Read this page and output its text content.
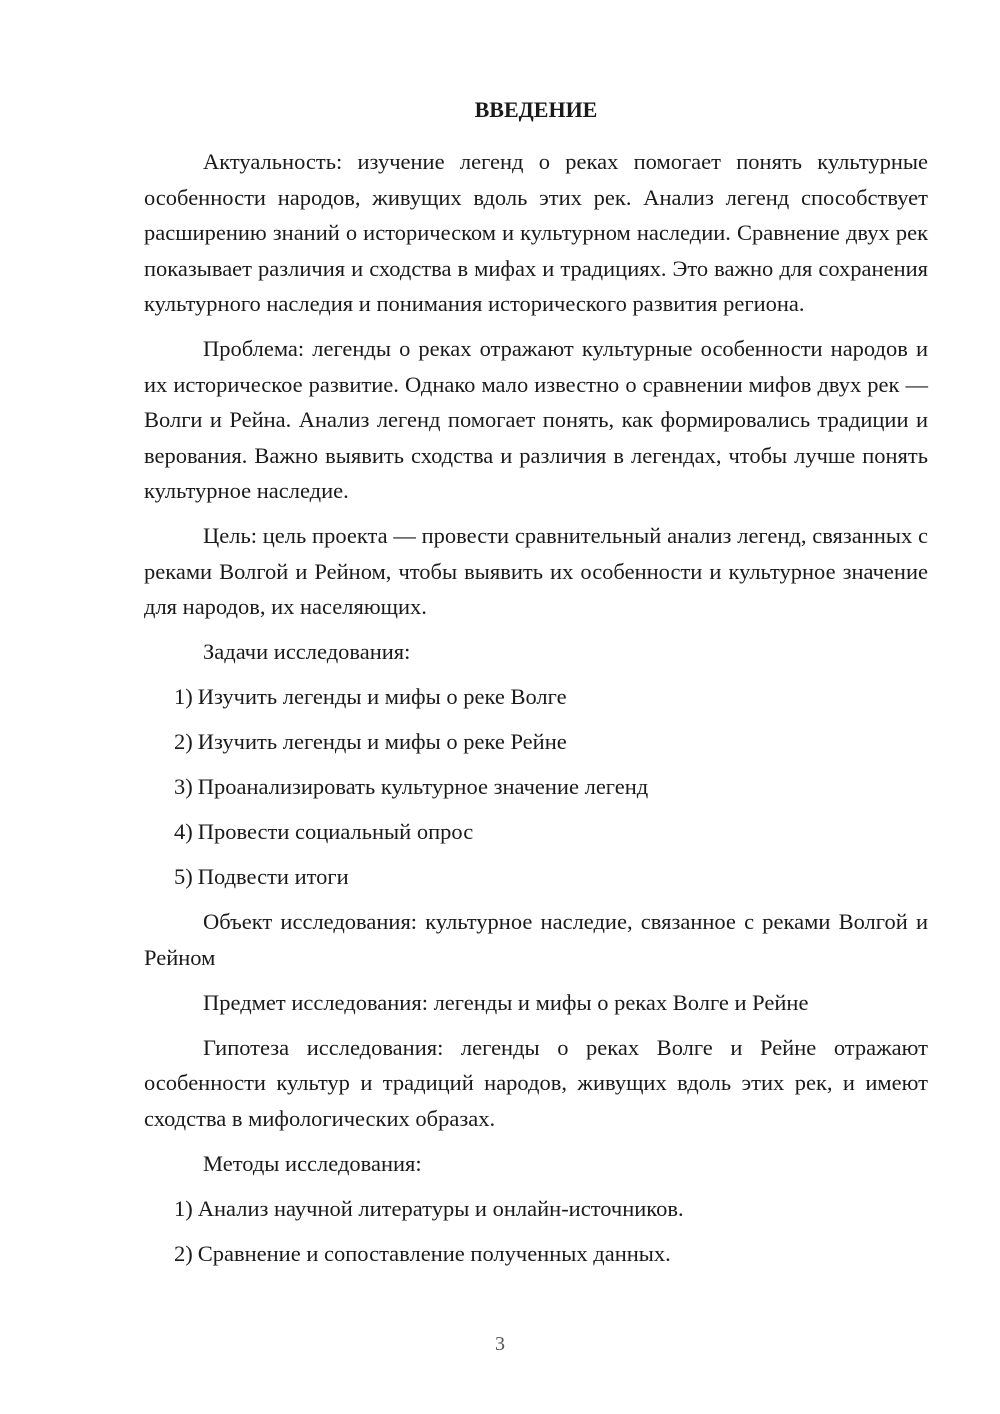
ВВЕДЕНИЕ

Актуальность: изучение легенд о реках помогает понять культурные особенности народов, живущих вдоль этих рек. Анализ легенд способствует расширению знаний о историческом и культурном наследии. Сравнение двух рек показывает различия и сходства в мифах и традициях. Это важно для сохранения культурного наследия и понимания исторического развития региона.

Проблема: легенды о реках отражают культурные особенности народов и их историческое развитие. Однако мало известно о сравнении мифов двух рек — Волги и Рейна. Анализ легенд помогает понять, как формировались традиции и верования. Важно выявить сходства и различия в легендах, чтобы лучше понять культурное наследие.

Цель: цель проекта — провести сравнительный анализ легенд, связанных с реками Волгой и Рейном, чтобы выявить их особенности и культурное значение для народов, их населяющих.

Задачи исследования:

1) Изучить легенды и мифы о реке Волге
2) Изучить легенды и мифы о реке Рейне
3) Проанализировать культурное значение легенд
4) Провести социальный опрос
5) Подвести итоги

Объект исследования: культурное наследие, связанное с реками Волгой и Рейном

Предмет исследования: легенды и мифы о реках Волге и Рейне

Гипотеза исследования: легенды о реках Волге и Рейне отражают особенности культур и традиций народов, живущих вдоль этих рек, и имеют сходства в мифологических образах.

Методы исследования:

1) Анализ научной литературы и онлайн-источников.
2) Сравнение и сопоставление полученных данных.
3
